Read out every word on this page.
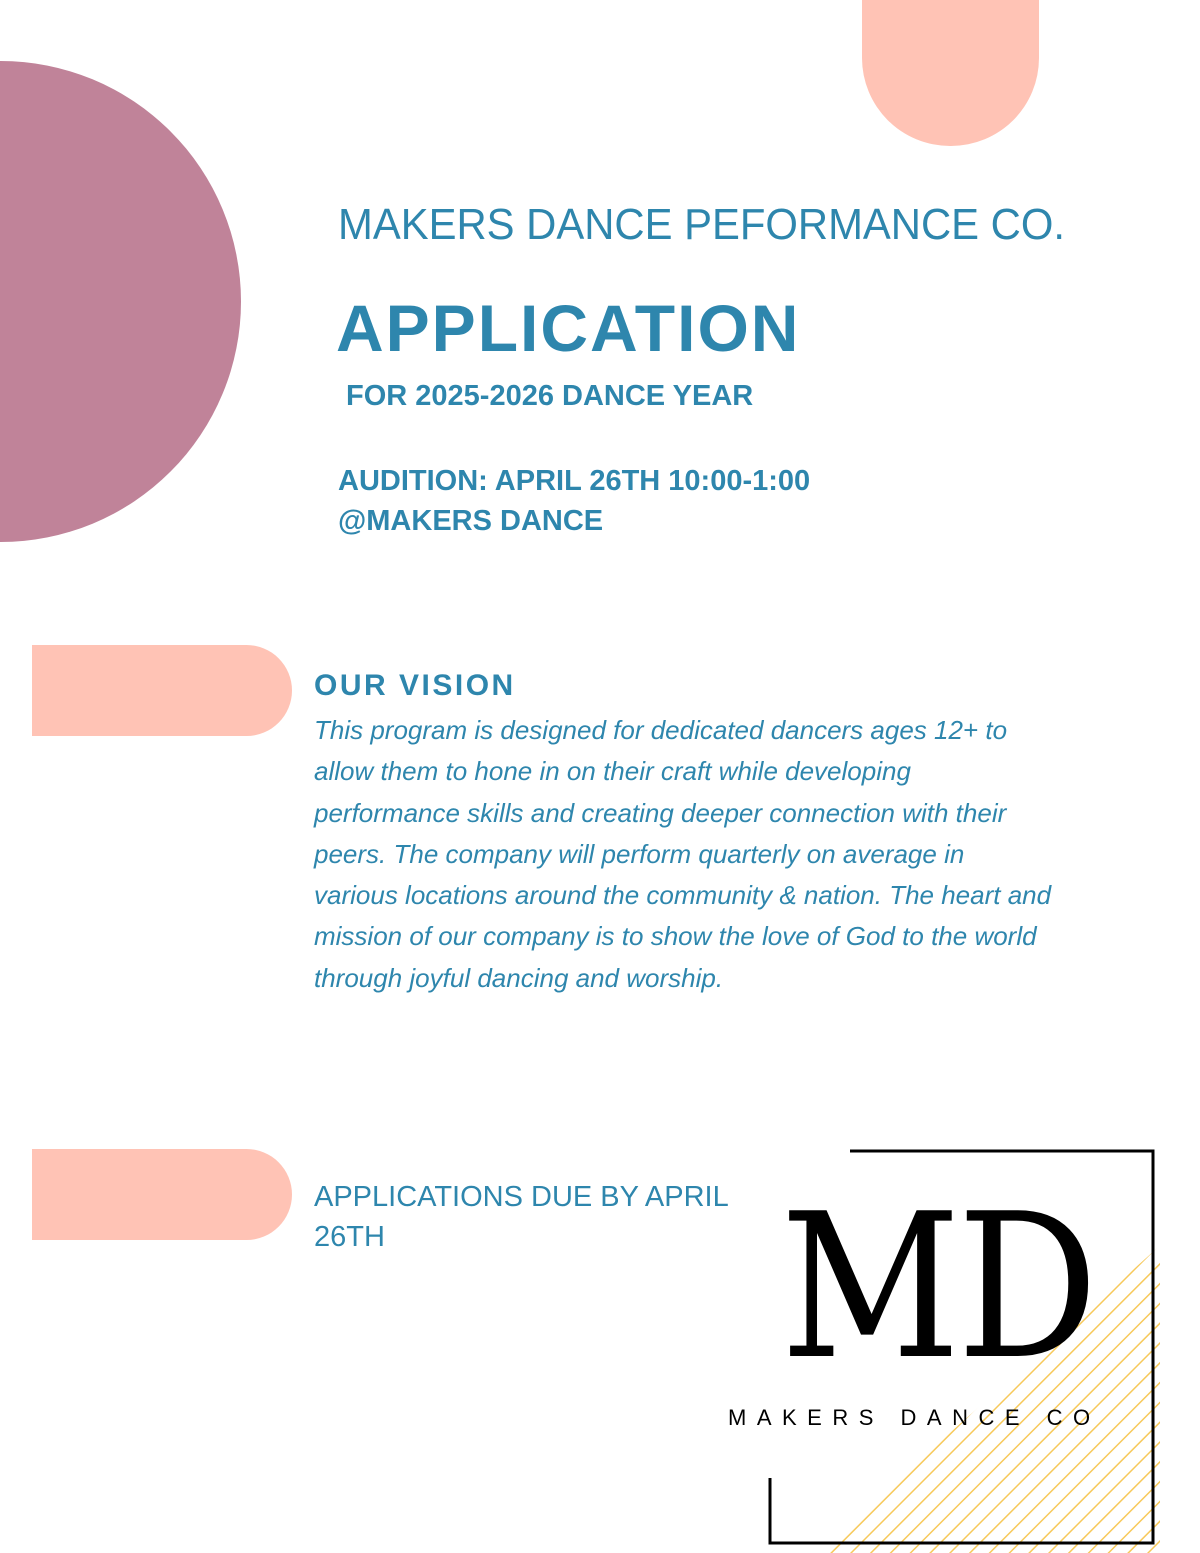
MAKERS DANCE PEFORMANCE CO.
APPLICATION
FOR 2025-2026 DANCE YEAR
AUDITION: APRIL 26TH 10:00-1:00
@MAKERS DANCE
OUR VISION
This program is designed for dedicated dancers ages 12+ to allow them to hone in on their craft while developing performance skills and creating deeper connection with their peers. The company will perform quarterly on average in various locations around the community & nation. The heart and mission of our company is to show the love of God to the world through joyful dancing and worship.
APPLICATIONS DUE BY APRIL 26TH	MD
MAKERS DANCE CO
